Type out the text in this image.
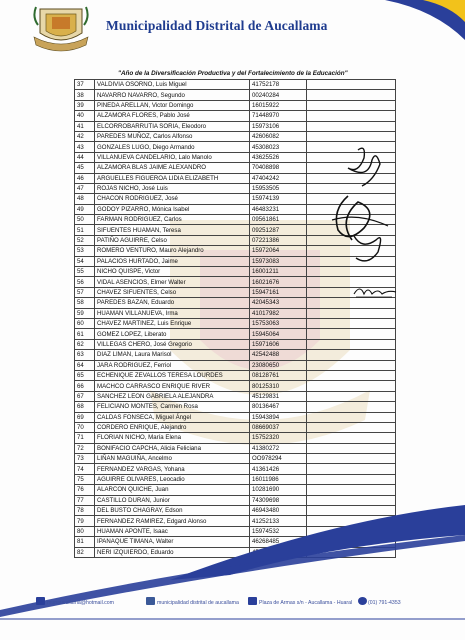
Municipalidad Distrital de Aucallama
"Año de la Diversificación Productiva y del Fortalecimiento de la Educación"
37	VALDIVIA OSORNO, Luis Miguel	41752178	
38	NAVARRO NAVARRO, Segundo	00240284	
39	PINEDA ARELLAN, Victor Domingo	16015922	
40	ALZAMORA FLORES, Pablo José	71448970	
41	ELCORROBARRUTIA SORIA, Eleodoro	15973106	
42	PAREDES MUÑOZ, Carlos Alfonso	42606082	
43	GONZALES LUGO, Diego Armando	45308023	
44	VILLANUEVA CANDELARIO, Lalo Manolo	43625526	
45	ALZAMORA BLAS JAIME ALEXANDRO	70408898	
46	ARGUELLES FIGUEROA LIDIA ELIZABETH	47404242	
47	ROJAS NICHO, José Luis	15953505	
48	CHACON RODRIGUEZ, José	15974139	
49	GODOY PIZARRO, Mónica Isabel	46483231	
50	FARMAN RODRIGUEZ, Carlos	09561861	
51	SIFUENTES HUAMAN, Teresa	09251287	
52	PATIÑO AGUIRRE, Celso	07221386	
53	ROMERO VENTURO, Mauro Alejandro	15972064	
54	PALACIOS HURTADO, Jaime	15973083	
55	NICHO QUISPE, Victor	16001211	
56	VIDAL ASENCIOS, Elmer Walter	16021676	
57	CHAVEZ SIFUENTES, Celso	15947161	
58	PAREDES BAZAN, Eduardo	42045343	
59	HUAMAN VILLANUEVA, Irma	41017982	
60	CHAVEZ MARTINEZ, Luis Enrique	15753063	
61	GOMEZ LOPEZ, Liberato	15945064	
62	VILLEGAS CHERO, José Gregorio	15971606	
63	DIAZ LIMAN, Laura Marisol	42542488	
64	JARA RODRIGUEZ, Ferriol	23080650	
65	ECHENIQUE ZEVALLOS TERESA LOURDES	08128761	
66	MACHCO CARRASCO ENRIQUE RIVER	80125310	
67	SANCHEZ LEON GABRIELA ALEJANDRA	45129831	
68	FELICIANO MONTES, Carmen Rosa	80136467	
69	CALDAS FONSECA, Miguel Ángel	15943894	
70	CORDERO ENRIQUE, Alejandro	08669037	
71	FLORIAN NICHO, María Elena	15752320	
72	BONIFACIO CAPCHA, Alicia Feliciana	41380272	
73	LIÑAN MAGUIÑA, Ancelmo	OO978294	
74	FERNANDEZ VARGAS, Yohana	41361426	
75	AGUIRRE OLIVARES, Leocadio	16011986	
76	ALARCON QUICHE, Juan	10281690	
77	CASTILLO DURAN, Junior	74309698	
78	DEL BUSTO CHAGRAY, Edson	46943480	
79	FERNANDEZ RAMIREZ, Edgard Alonso	41252133	
80	HUAMAN APONTE, Isaac	15974532	
81	IPANAQUE TIMANA, Walter	46268485	
82	NERI IZQUIERDO, Eduardo		
munaucallama@hotmail.com	municipalidad distrital de aucallama	Plaza de Armas s/n - Aucallama - Huaral	(01) 791-4353
